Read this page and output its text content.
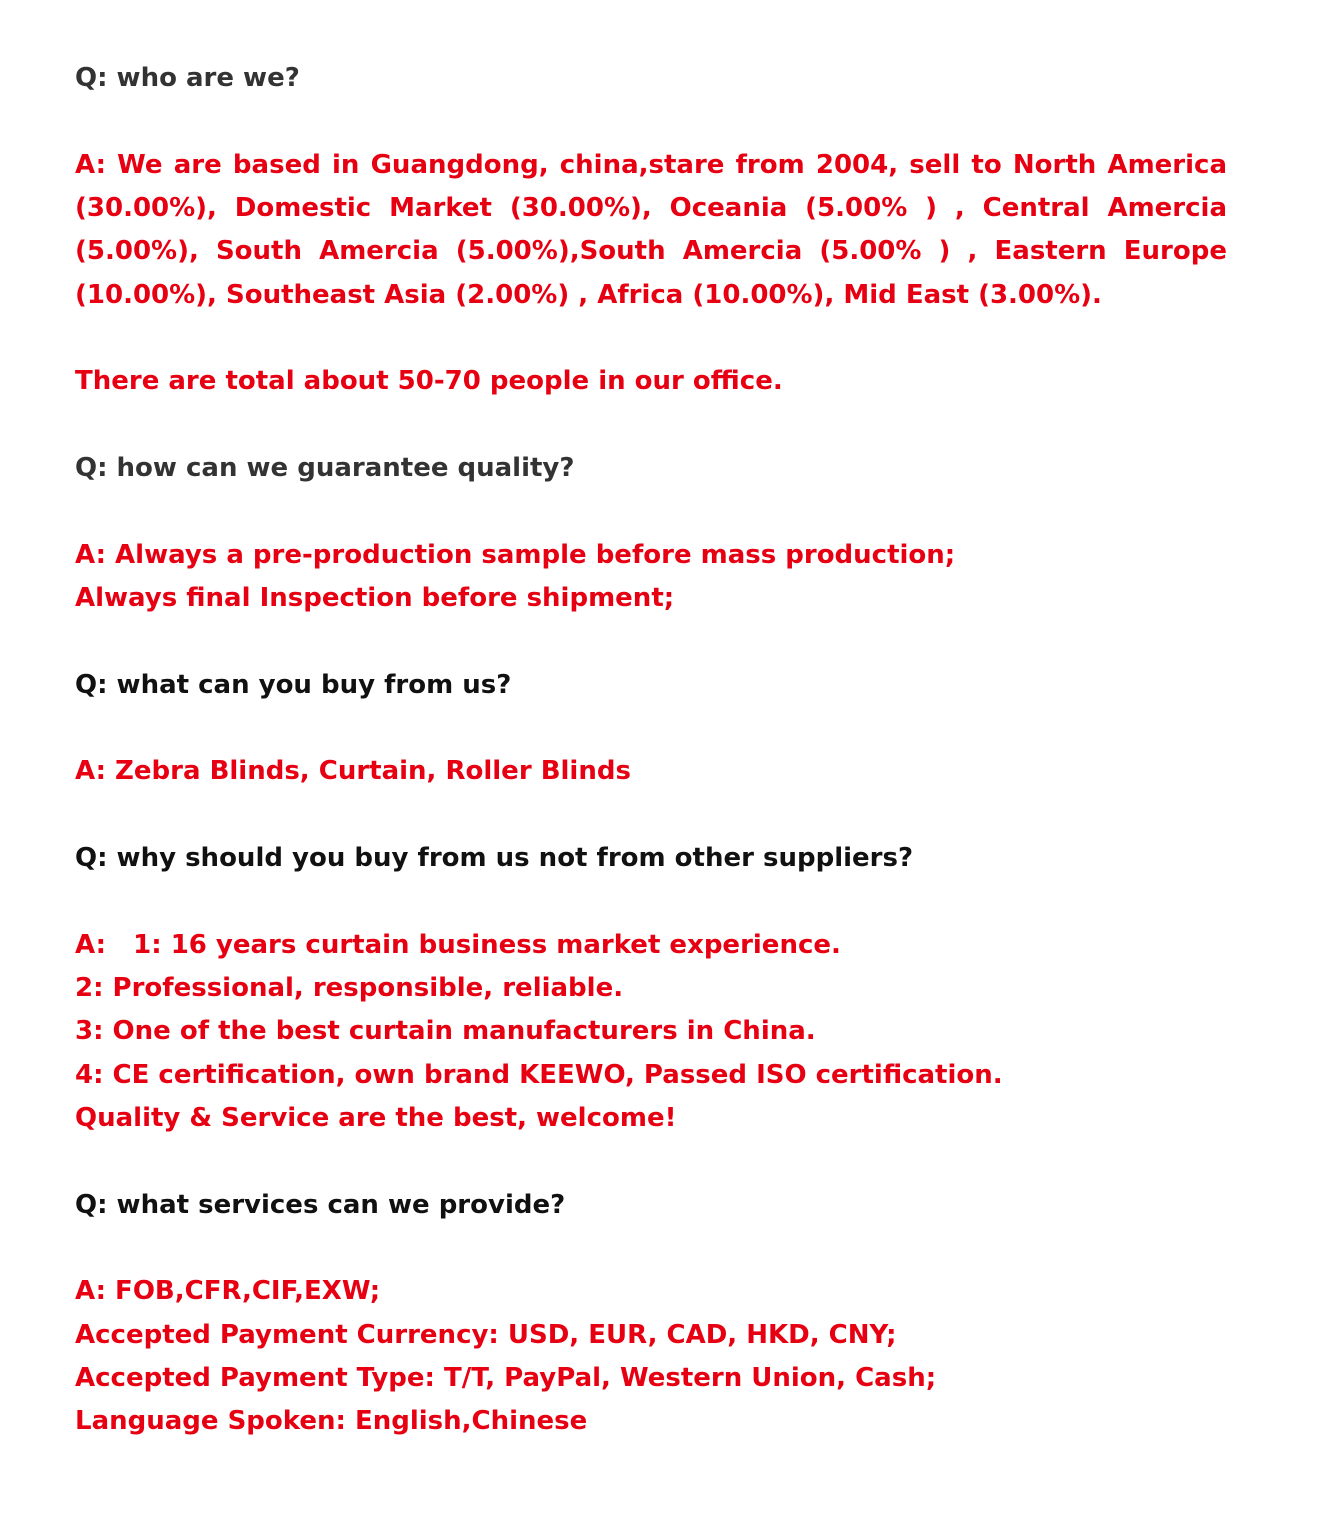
Q: who are we?
A: We are based in Guangdong, china,stare from 2004, sell to North America
(30.00%), Domestic Market (30.00%), Oceania (5.00% ) , Central Amercia
(5.00%), South Amercia (5.00%),South Amercia (5.00% ) , Eastern Europe
(10.00%), Southeast Asia (2.00%) , Africa (10.00%), Mid East (3.00%).
There are total about 50-70 people in our office.
Q: how can we guarantee quality?
A: Always a pre-production sample before mass production;
Always final Inspection before shipment;
Q: what can you buy from us?
A: Zebra Blinds, Curtain, Roller Blinds
Q: why should you buy from us not from other suppliers?
A:   1: 16 years curtain business market experience.
2: Professional, responsible, reliable.
3: One of the best curtain manufacturers in China.
4: CE certification, own brand KEEWO, Passed ISO certification.
Quality & Service are the best, welcome!
Q: what services can we provide?
A: FOB,CFR,CIF,EXW;
Accepted Payment Currency: USD, EUR, CAD, HKD, CNY;
Accepted Payment Type: T/T, PayPal, Western Union, Cash;
Language Spoken: English,Chinese
